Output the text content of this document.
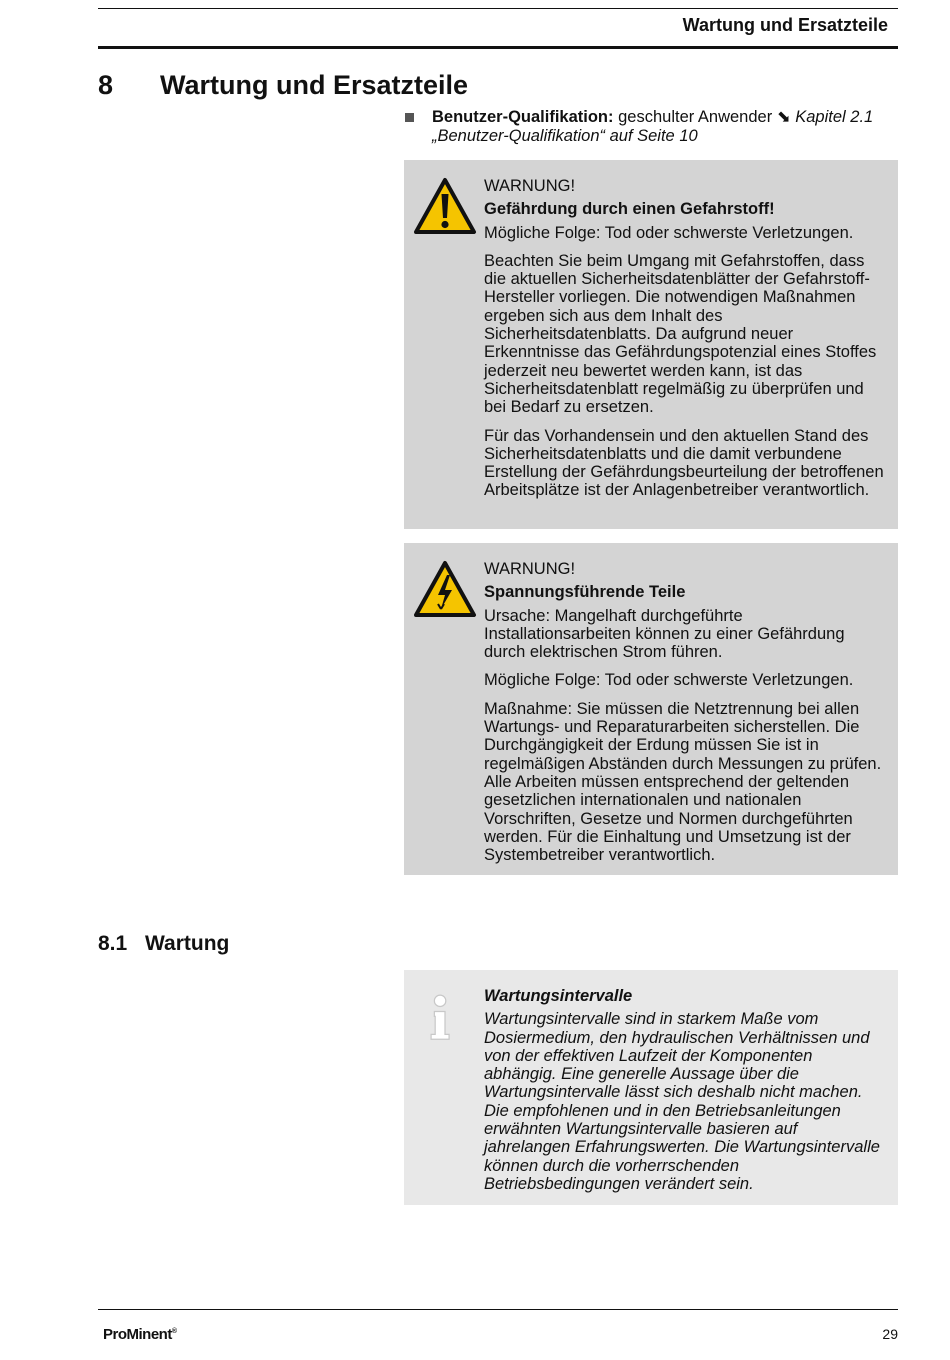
Wartung und Ersatzteile
8 Wartung und Ersatzteile
Benutzer-Qualifikation: geschulter Anwender ⬊ Kapitel 2.1 „Benutzer-Qualifikation“ auf Seite 10

WARNUNG!

Gefährdung durch einen Gefahrstoff!

Mögliche Folge: Tod oder schwerste Verletzungen.

Beachten Sie beim Umgang mit Gefahrstoffen, dass die aktuellen Sicherheitsdatenblätter der Gefahrstoff-Hersteller vorliegen. Die notwendigen Maßnahmen ergeben sich aus dem Inhalt des Sicherheitsdatenblatts. Da aufgrund neuer Erkenntnisse das Gefährdungspotenzial eines Stoffes jederzeit neu bewertet werden kann, ist das Sicherheitsdatenblatt regelmäßig zu überprüfen und bei Bedarf zu ersetzen.

Für das Vorhandensein und den aktuellen Stand des Sicherheitsdatenblatts und die damit verbundene Erstellung der Gefährdungsbeurteilung der betroffenen Arbeitsplätze ist der Anlagenbetreiber verantwortlich.

WARNUNG!

Spannungsführende Teile

Ursache: Mangelhaft durchgeführte Installationsarbeiten können zu einer Gefährdung durch elektrischen Strom führen.

Mögliche Folge: Tod oder schwerste Verletzungen.

Maßnahme: Sie müssen die Netztrennung bei allen Wartungs- und Reparaturarbeiten sicherstellen. Die Durchgängigkeit der Erdung müssen Sie ist in regelmäßigen Abständen durch Messungen zu prüfen. Alle Arbeiten müssen entsprechend der geltenden gesetzlichen internationalen und nationalen Vorschriften, Gesetze und Normen durchgeführten werden. Für die Einhaltung und Umsetzung ist der Systembetreiber verantwortlich.

8.1 Wartung

Wartungsintervalle

Wartungsintervalle sind in starkem Maße vom Dosiermedium, den hydraulischen Verhältnissen und von der effektiven Laufzeit der Komponenten abhängig. Eine generelle Aussage über die Wartungsintervalle lässt sich deshalb nicht machen. Die empfohlenen und in den Betriebsanleitungen erwähnten Wartungsintervalle basieren auf jahrelangen Erfahrungswerten. Die Wartungsintervalle können durch die vorherrschenden Betriebsbedingungen verändert sein.

ProMinent®	29
